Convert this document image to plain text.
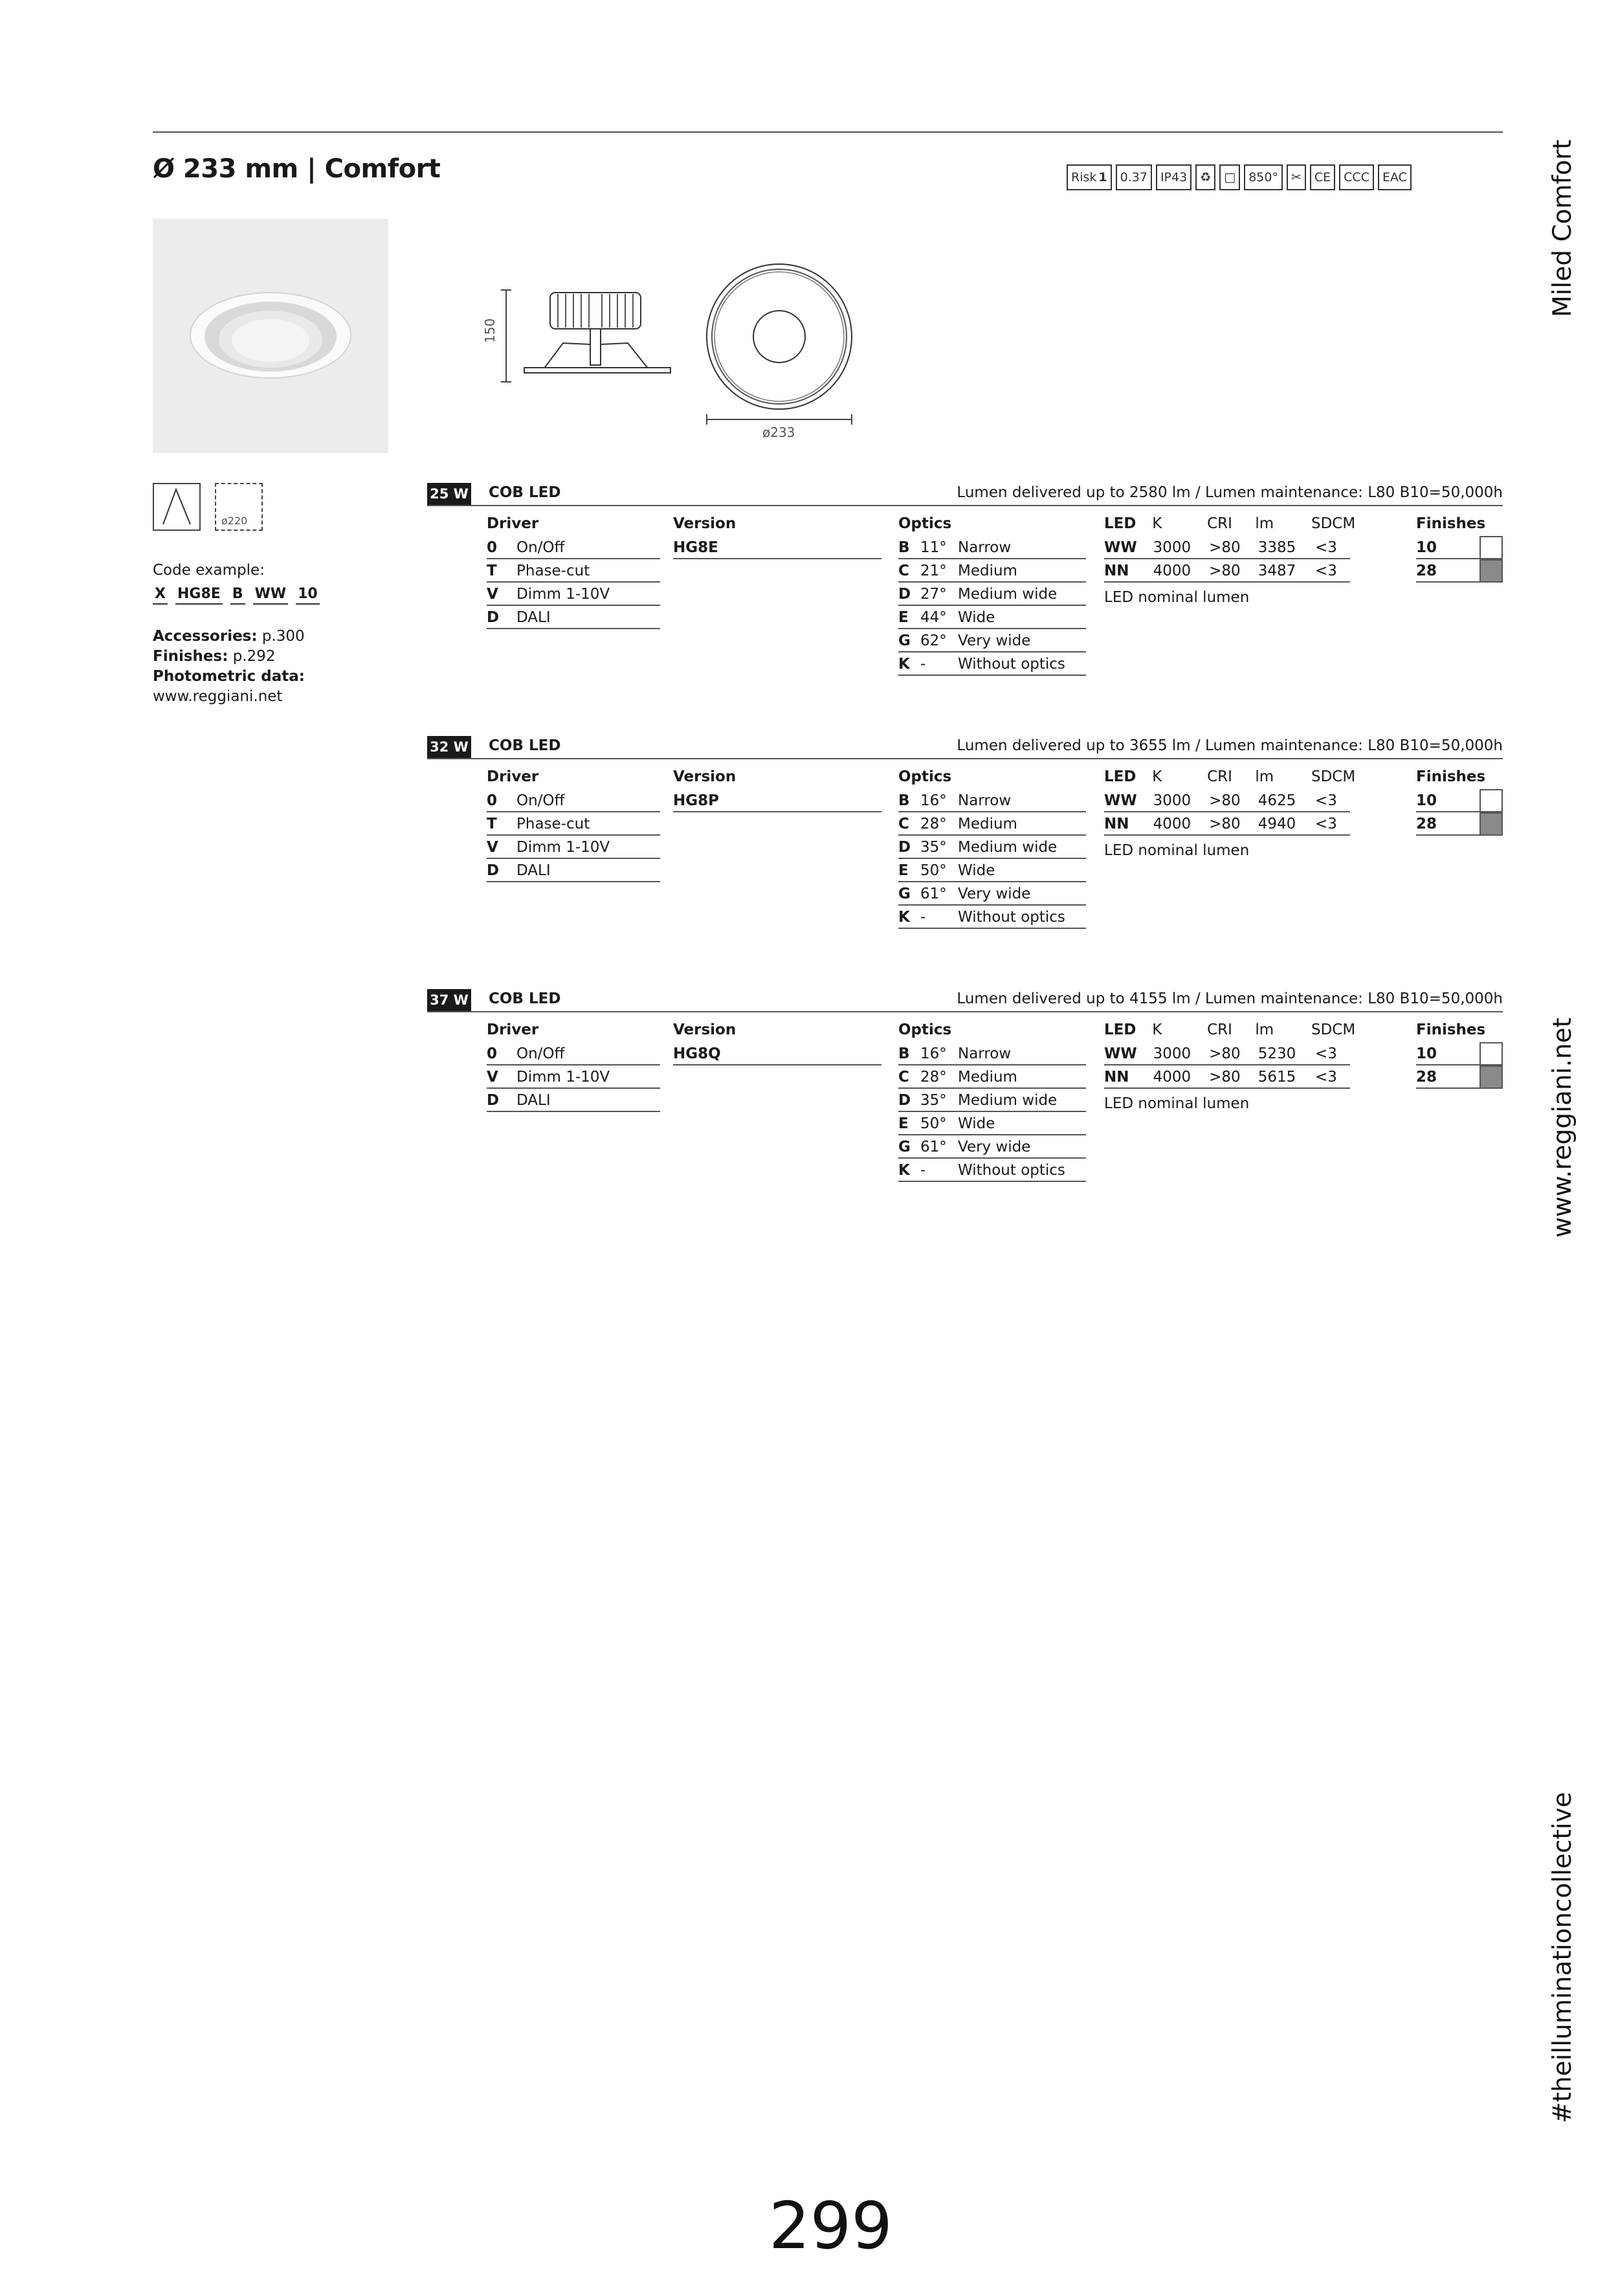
Ø 233 mm | Comfort	Risk 1 0.37 IP43 ♻ □ 850° ✂ CE CCC EAC
150
ø233
ø220
Code example:
X HG8E B WW 10
Accessories: p.300
Finishes: p.292
Photometric data:
www.reggiani.net
25 W COB LED	Lumen delivered up to 2580 lm / Lumen maintenance: L80 B10=50,000h
Driver
0	On/Off
T	Phase-cut
V	Dimm 1-10V
D	DALI
Version
HG8E
Optics
B 11° Narrow
C 21° Medium
D 27° Medium wide
E 44° Wide
G 62° Very wide
K -	Without optics
LED	K	CRI	lm	SDCM
WW	3000	>80	3385	<3
NN	4000	>80	3487	<3
LED nominal lumen
Finishes
10
28
32 W COB LED	Lumen delivered up to 3655 lm / Lumen maintenance: L80 B10=50,000h
Driver
0	On/Off
T	Phase-cut
V	Dimm 1-10V
D	DALI
Version
HG8P
Optics
B 16° Narrow
C 28° Medium
D 35° Medium wide
E 50° Wide
G 61° Very wide
K -	Without optics
LED	K	CRI	lm	SDCM
WW	3000	>80	4625	<3
NN	4000	>80	4940	<3
LED nominal lumen
Finishes
10
28
37 W COB LED	Lumen delivered up to 4155 lm / Lumen maintenance: L80 B10=50,000h
Driver
0	On/Off
V	Dimm 1-10V
D	DALI
Version
HG8Q
Optics
B 16° Narrow
C 28° Medium
D 35° Medium wide
E 50° Wide
G 61° Very wide
K -	Without optics
LED	K	CRI	lm	SDCM
WW	3000	>80	5230	<3
NN	4000	>80	5615	<3
LED nominal lumen
Finishes
10
28
Miled Comfort
www.reggiani.net
#theilluminationcollective
299
